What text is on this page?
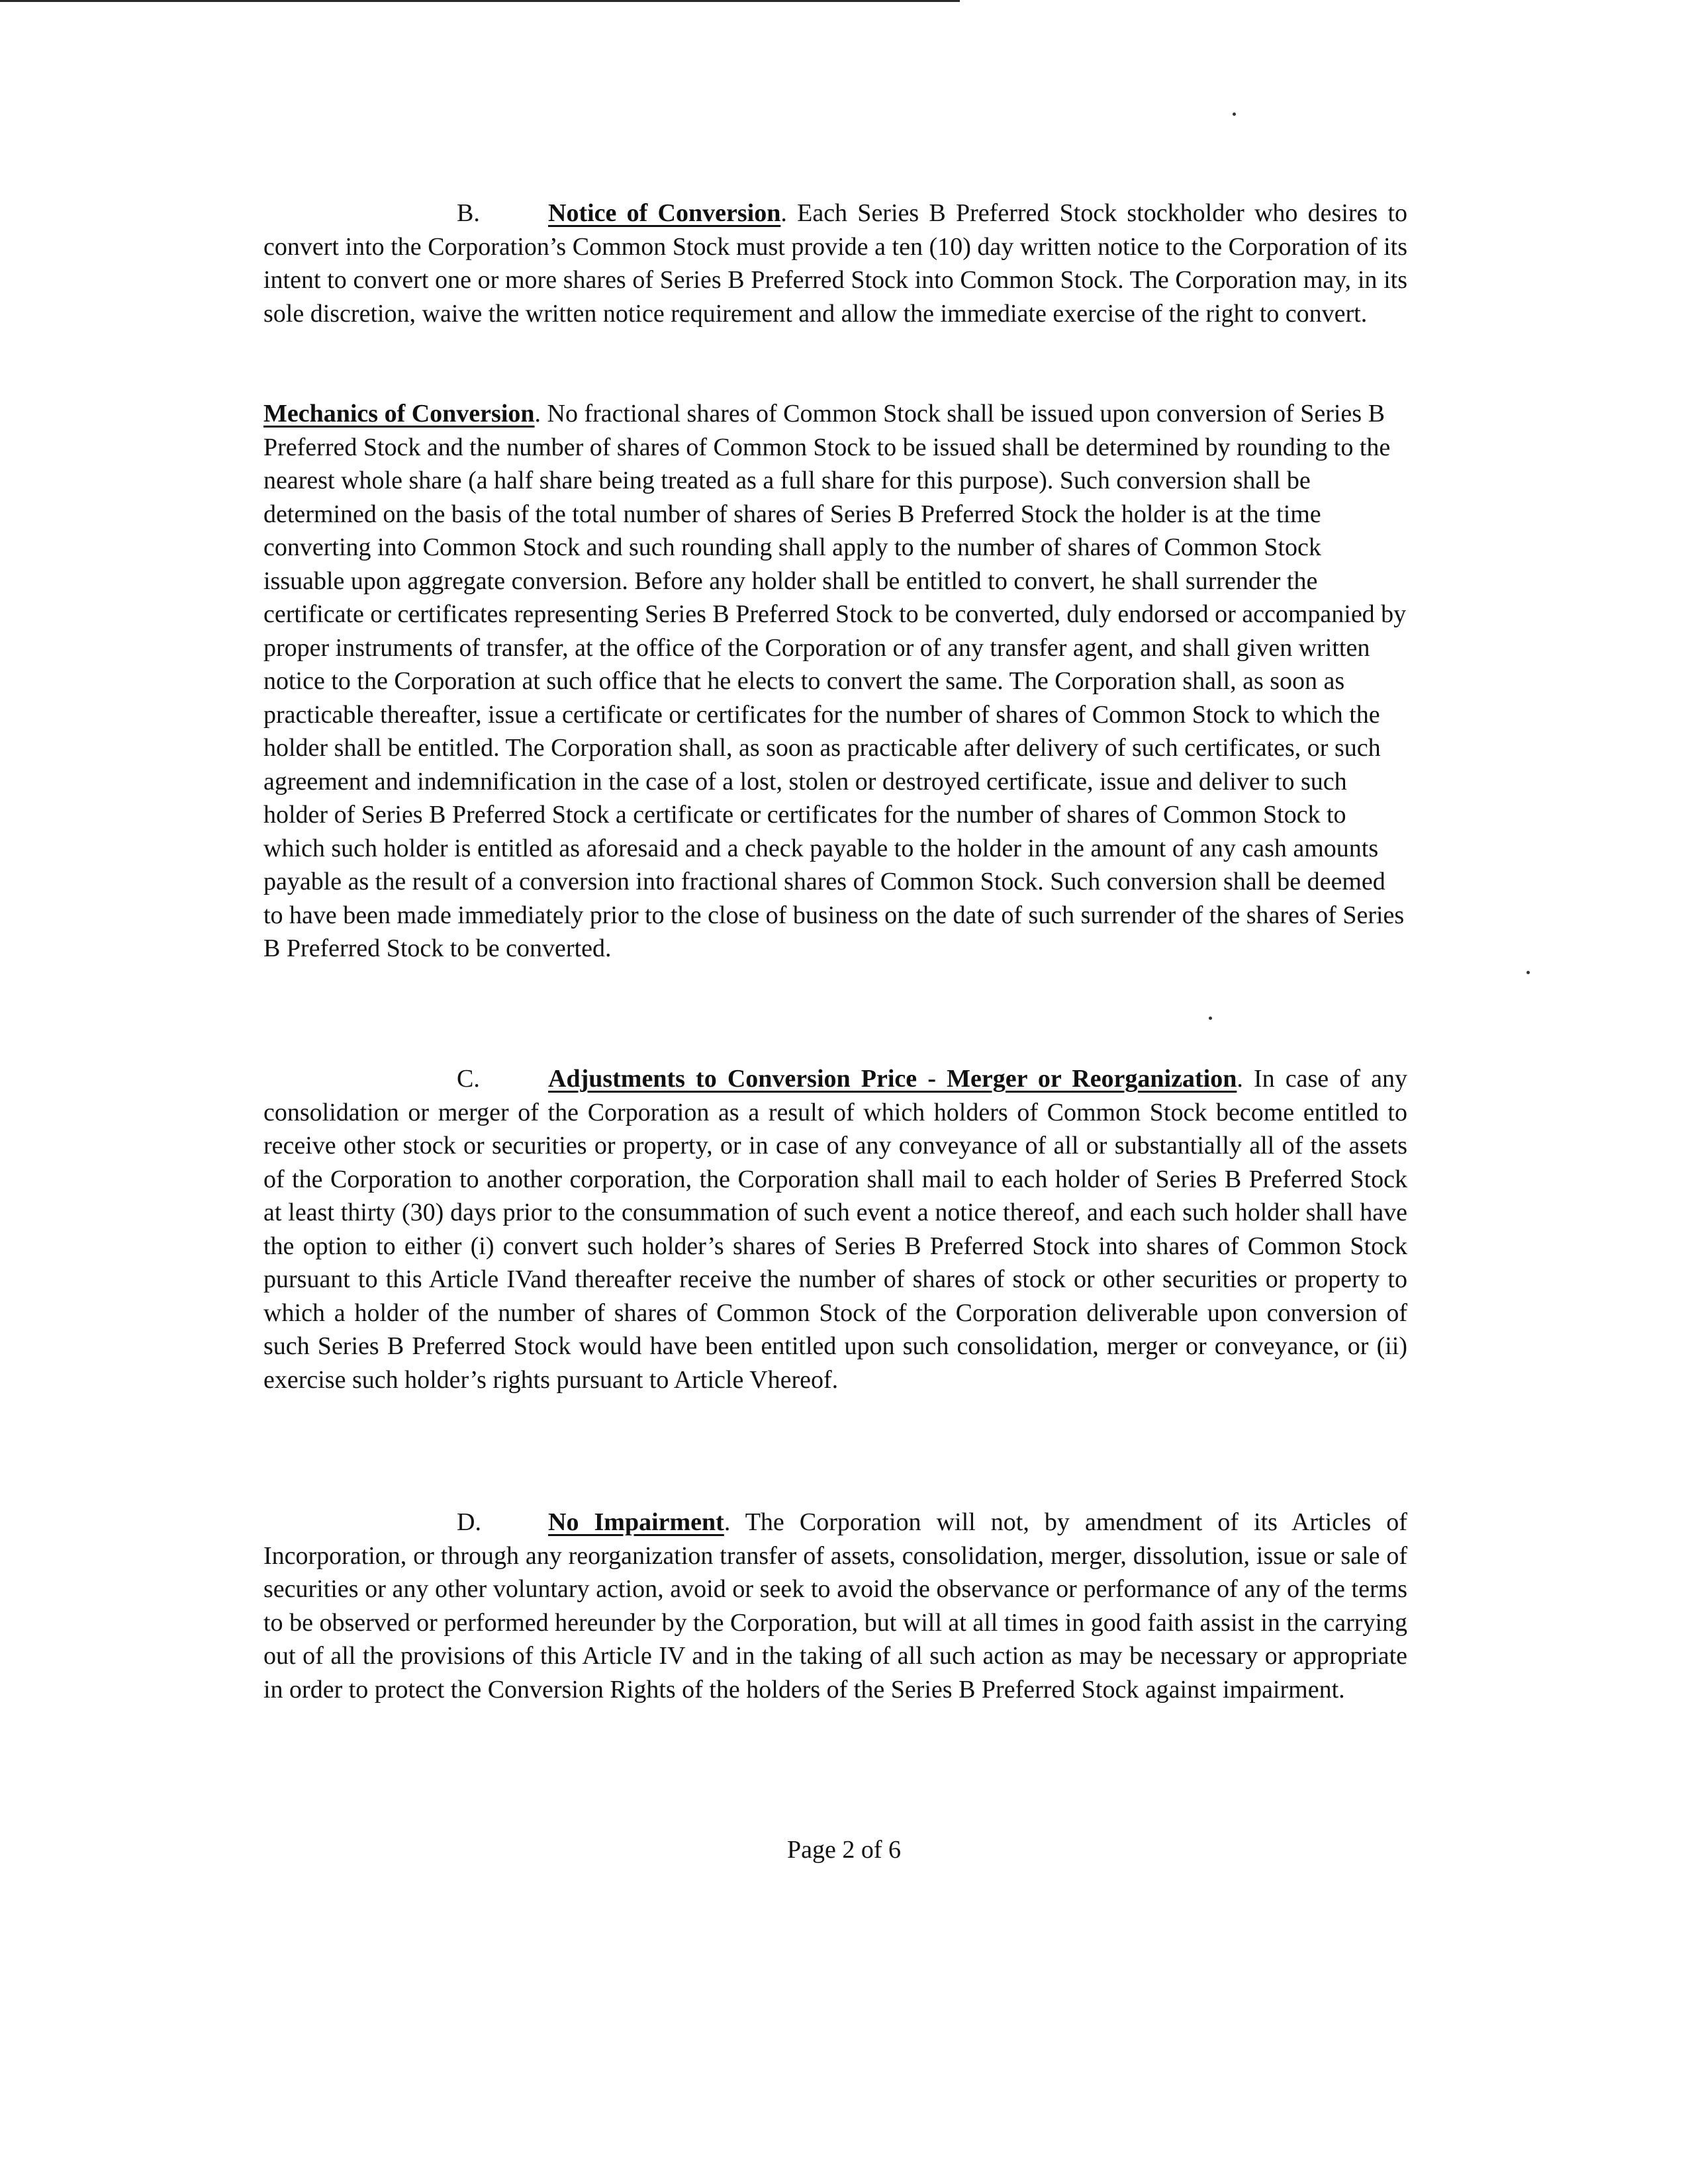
B.	Notice of Conversion. Each Series B Preferred Stock stockholder who desires to convert into the Corporation’s Common Stock must provide a ten (10) day written notice to the Corporation of its intent to convert one or more shares of Series B Preferred Stock into Common Stock. The Corporation may, in its sole discretion, waive the written notice requirement and allow the immediate exercise of the right to convert.

Mechanics of Conversion. No fractional shares of Common Stock shall be issued upon conversion of Series B Preferred Stock and the number of shares of Common Stock to be issued shall be determined by rounding to the nearest whole share (a half share being treated as a full share for this purpose). Such conversion shall be determined on the basis of the total number of shares of Series B Preferred Stock the holder is at the time converting into Common Stock and such rounding shall apply to the number of shares of Common Stock issuable upon aggregate conversion. Before any holder shall be entitled to convert, he shall surrender the certificate or certificates representing Series B Preferred Stock to be converted, duly endorsed or accompanied by proper instruments of transfer, at the office of the Corporation or of any transfer agent, and shall given written notice to the Corporation at such office that he elects to convert the same. The Corporation shall, as soon as practicable thereafter, issue a certificate or certificates for the number of shares of Common Stock to which the holder shall be entitled. The Corporation shall, as soon as practicable after delivery of such certificates, or such agreement and indemnification in the case of a lost, stolen or destroyed certificate, issue and deliver to such holder of Series B Preferred Stock a certificate or certificates for the number of shares of Common Stock to which such holder is entitled as aforesaid and a check payable to the holder in the amount of any cash amounts payable as the result of a conversion into fractional shares of Common Stock. Such conversion shall be deemed to have been made immediately prior to the close of business on the date of such surrender of the shares of Series B Preferred Stock to be converted.

C.	Adjustments to Conversion Price - Merger or Reorganization. In case of any consolidation or merger of the Corporation as a result of which holders of Common Stock become entitled to receive other stock or securities or property, or in case of any conveyance of all or substantially all of the assets of the Corporation to another corporation, the Corporation shall mail to each holder of Series B Preferred Stock at least thirty (30) days prior to the consummation of such event a notice thereof, and each such holder shall have the option to either (i) convert such holder’s shares of Series B Preferred Stock into shares of Common Stock pursuant to this Article IVand thereafter receive the number of shares of stock or other securities or property to which a holder of the number of shares of Common Stock of the Corporation deliverable upon conversion of such Series B Preferred Stock would have been entitled upon such consolidation, merger or conveyance, or (ii) exercise such holder’s rights pursuant to Article Vhereof.

D.	No Impairment. The Corporation will not, by amendment of its Articles of Incorporation, or through any reorganization transfer of assets, consolidation, merger, dissolution, issue or sale of securities or any other voluntary action, avoid or seek to avoid the observance or performance of any of the terms to be observed or performed hereunder by the Corporation, but will at all times in good faith assist in the carrying out of all the provisions of this Article IV and in the taking of all such action as may be necessary or appropriate in order to protect the Conversion Rights of the holders of the Series B Preferred Stock against impairment.

Page 2 of 6
